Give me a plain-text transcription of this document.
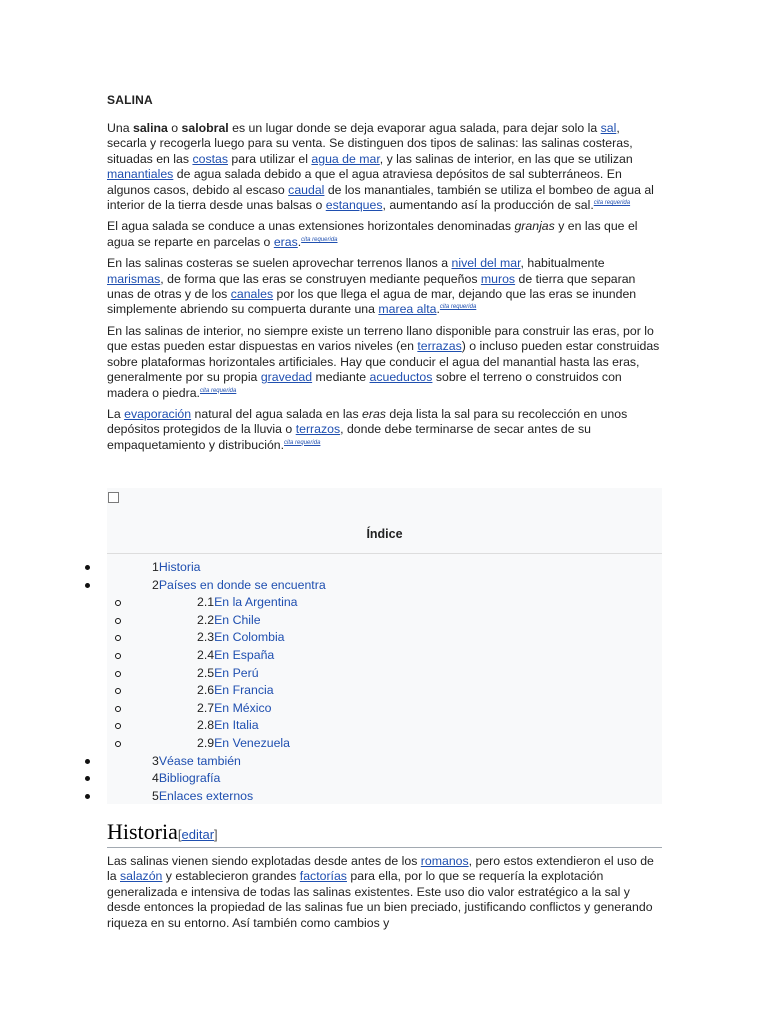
SALINA

Una salina o salobral es un lugar donde se deja evaporar agua salada, para dejar solo la sal, secarla y recogerla luego para su venta. Se distinguen dos tipos de salinas: las salinas costeras, situadas en las costas para utilizar el agua de mar, y las salinas de interior, en las que se utilizan manantiales de agua salada debido a que el agua atraviesa depósitos de sal subterráneos. En algunos casos, debido al escaso caudal de los manantiales, también se utiliza el bombeo de agua al interior de la tierra desde unas balsas o estanques, aumentando así la producción de sal.$^{cita requerida}$

El agua salada se conduce a unas extensiones horizontales denominadas granjas y en las que el agua se reparte en parcelas o eras.$^{cita requerida}$

En las salinas costeras se suelen aprovechar terrenos llanos a nivel del mar, habitualmente marismas, de forma que las eras se construyen mediante pequeños muros de tierra que separan unas de otras y de los canales por los que llega el agua de mar, dejando que las eras se inunden simplemente abriendo su compuerta durante una marea alta.$^{cita requerida}$

En las salinas de interior, no siempre existe un terreno llano disponible para construir las eras, por lo que estas pueden estar dispuestas en varios niveles (en terrazas) o incluso pueden estar construidas sobre plataformas horizontales artificiales. Hay que conducir el agua del manantial hasta las eras, generalmente por su propia gravedad mediante acueductos sobre el terreno o construidos con madera o piedra.$^{cita requerida}$

La evaporación natural del agua salada en las eras deja lista la sal para su recolección en unos depósitos protegidos de la lluvia o terrazos, donde debe terminarse de secar antes de su empaquetamiento y distribución.$^{cita requerida}$

Índice
1Historia
2Países en donde se encuentra
2.1En la Argentina
2.2En Chile
2.3En Colombia
2.4En España
2.5En Perú
2.6En Francia
2.7En México
2.8En Italia
2.9En Venezuela
3Véase también
4Bibliografía
5Enlaces externos
Historia[editar]

Las salinas vienen siendo explotadas desde antes de los romanos, pero estos extendieron el uso de la salazón y establecieron grandes factorías para ella, por lo que se requería la explotación generalizada e intensiva de todas las salinas existentes. Este uso dio valor estratégico a la sal y desde entonces la propiedad de las salinas fue un bien preciado, justificando conflictos y generando riqueza en su entorno. Así también como cambios y
